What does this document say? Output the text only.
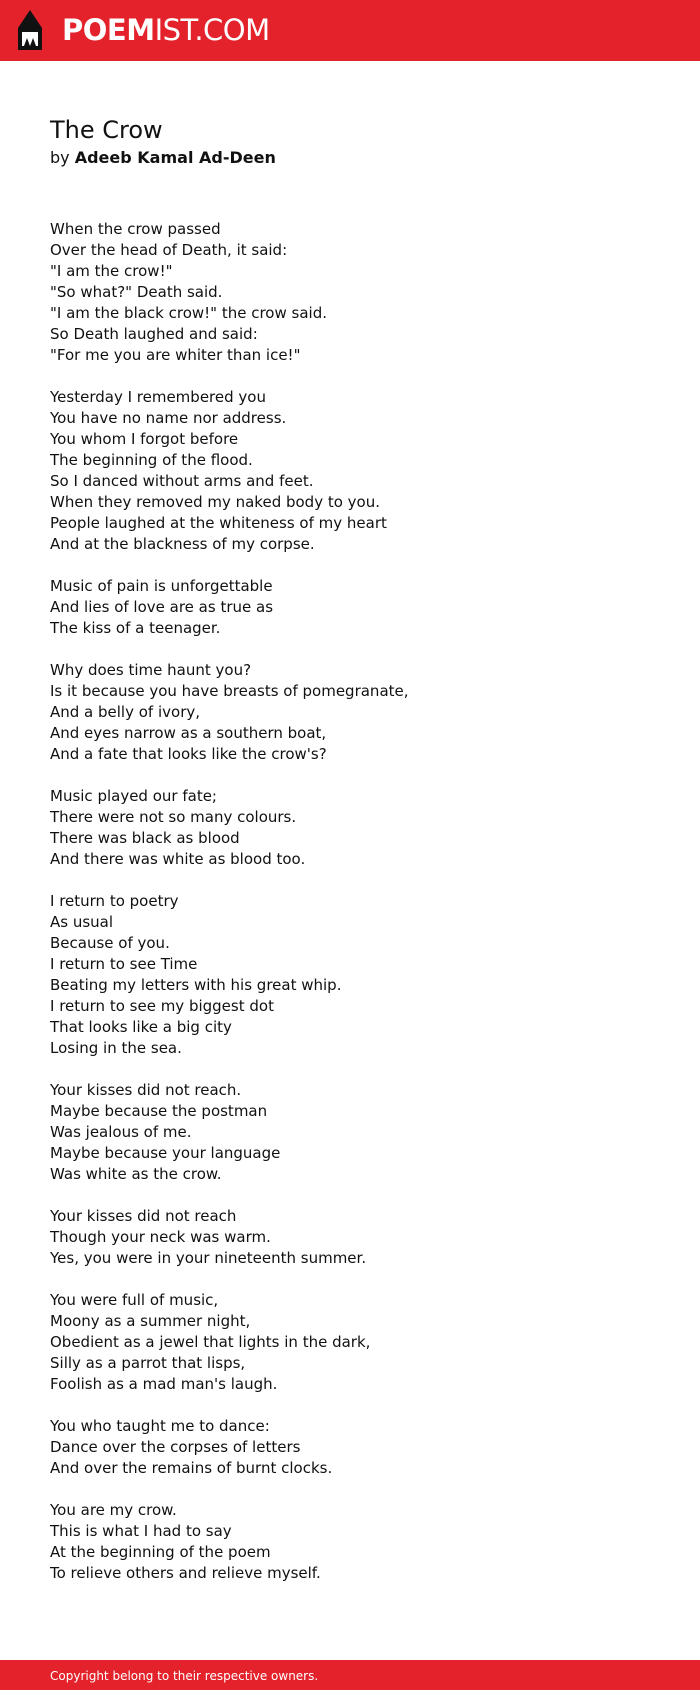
POEMIST.COM
The Crow
by Adeeb Kamal Ad-Deen
When the crow passed
Over the head of Death, it said:
"I am the crow!"
"So what?" Death said.
"I am the black crow!" the crow said.
So Death laughed and said:
"For me you are whiter than ice!"
Yesterday I remembered you
You have no name nor address.
You whom I forgot before
The beginning of the flood.
So I danced without arms and feet.
When they removed my naked body to you.
People laughed at the whiteness of my heart
And at the blackness of my corpse.
Music of pain is unforgettable
And lies of love are as true as
The kiss of a teenager.
Why does time haunt you?
Is it because you have breasts of pomegranate,
And a belly of ivory,
And eyes narrow as a southern boat,
And a fate that looks like the crow's?
Music played our fate;
There were not so many colours.
There was black as blood
And there was white as blood too.
I return to poetry
As usual
Because of you.
I return to see Time
Beating my letters with his great whip.
I return to see my biggest dot
That looks like a big city
Losing in the sea.
Your kisses did not reach.
Maybe because the postman
Was jealous of me.
Maybe because your language
Was white as the crow.
Your kisses did not reach
Though your neck was warm.
Yes, you were in your nineteenth summer.
You were full of music,
Moony as a summer night,
Obedient as a jewel that lights in the dark,
Silly as a parrot that lisps,
Foolish as a mad man's laugh.
You who taught me to dance:
Dance over the corpses of letters
And over the remains of burnt clocks.
You are my crow.
This is what I had to say
At the beginning of the poem
To relieve others and relieve myself.
Copyright belong to their respective owners.
